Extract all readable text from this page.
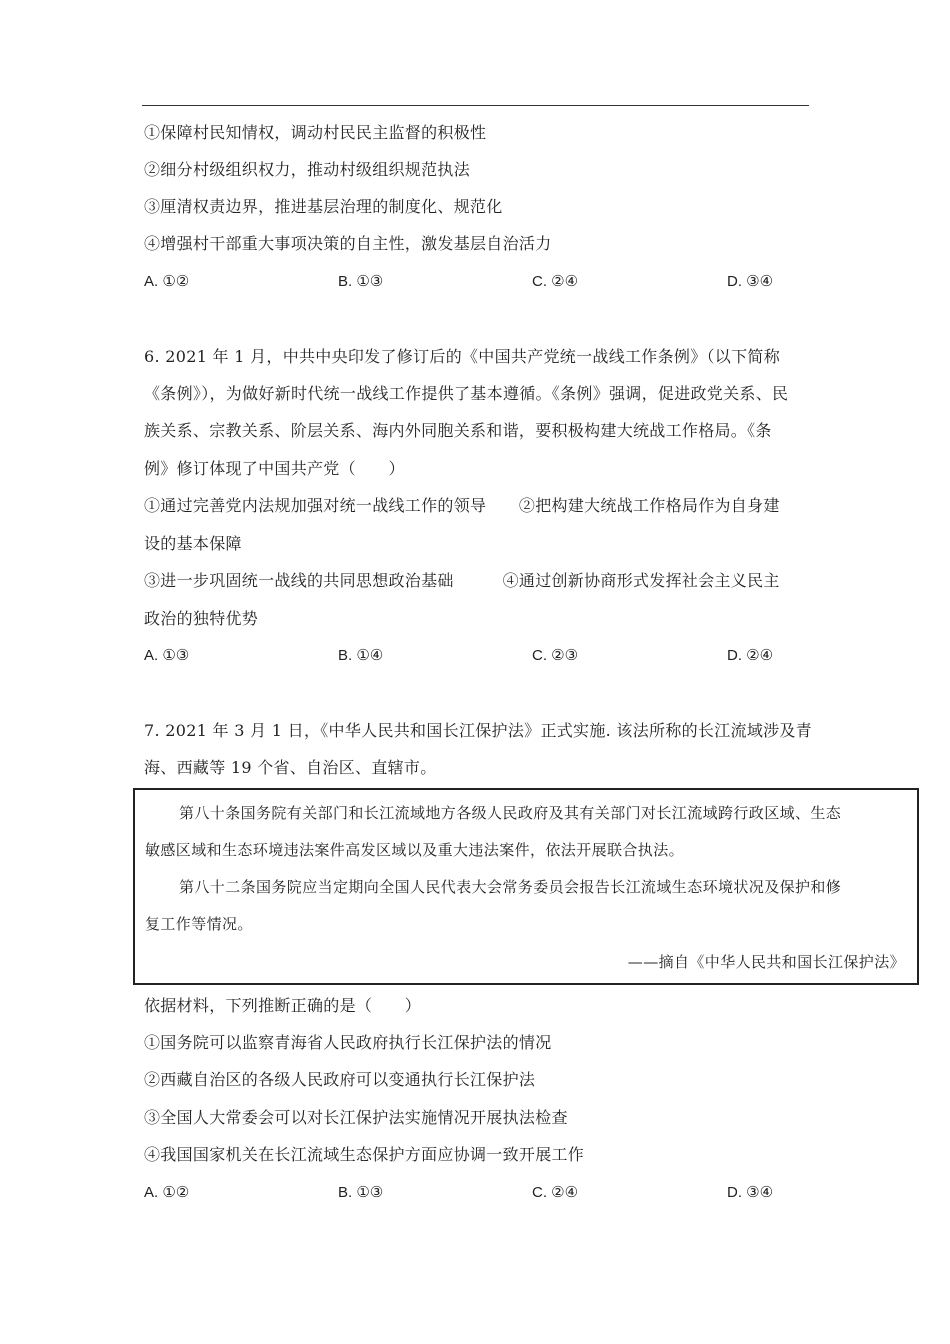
①保障村民知情权，调动村民民主监督的积极性
②细分村级组织权力，推动村级组织规范执法
③厘清权责边界，推进基层治理的制度化、规范化
④增强村干部重大事项决策的自主性，激发基层自治活力
A. ①②	B. ①③	C. ②④	D. ③④
6. 2021 年 1 月，中共中央印发了修订后的《中国共产党统一战线工作条例》（以下简称
《条例》），为做好新时代统一战线工作提供了基本遵循。《条例》强调，促进政党关系、民
族关系、宗教关系、阶层关系、海内外同胞关系和谐，要积极构建大统战工作格局。《条
例》修订体现了中国共产党（　　）
①通过完善党内法规加强对统一战线工作的领导　　②把构建大统战工作格局作为自身建
设的基本保障
③进一步巩固统一战线的共同思想政治基础　　　④通过创新协商形式发挥社会主义民主
政治的独特优势
A. ①③	B. ①④	C. ②③	D. ②④
7. 2021 年 3 月 1 日，《中华人民共和国长江保护法》正式实施. 该法所称的长江流域涉及青
海、西藏等 19 个省、自治区、直辖市。
第八十条国务院有关部门和长江流域地方各级人民政府及其有关部门对长江流域跨行政区域、生态
敏感区域和生态环境违法案件高发区域以及重大违法案件，依法开展联合执法。
第八十二条国务院应当定期向全国人民代表大会常务委员会报告长江流域生态环境状况及保护和修
复工作等情况。
——摘自《中华人民共和国长江保护法》
依据材料，下列推断正确的是（　　）
①国务院可以监察青海省人民政府执行长江保护法的情况
②西藏自治区的各级人民政府可以变通执行长江保护法
③全国人大常委会可以对长江保护法实施情况开展执法检查
④我国国家机关在长江流域生态保护方面应协调一致开展工作
A. ①②	B. ①③	C. ②④	D. ③④
